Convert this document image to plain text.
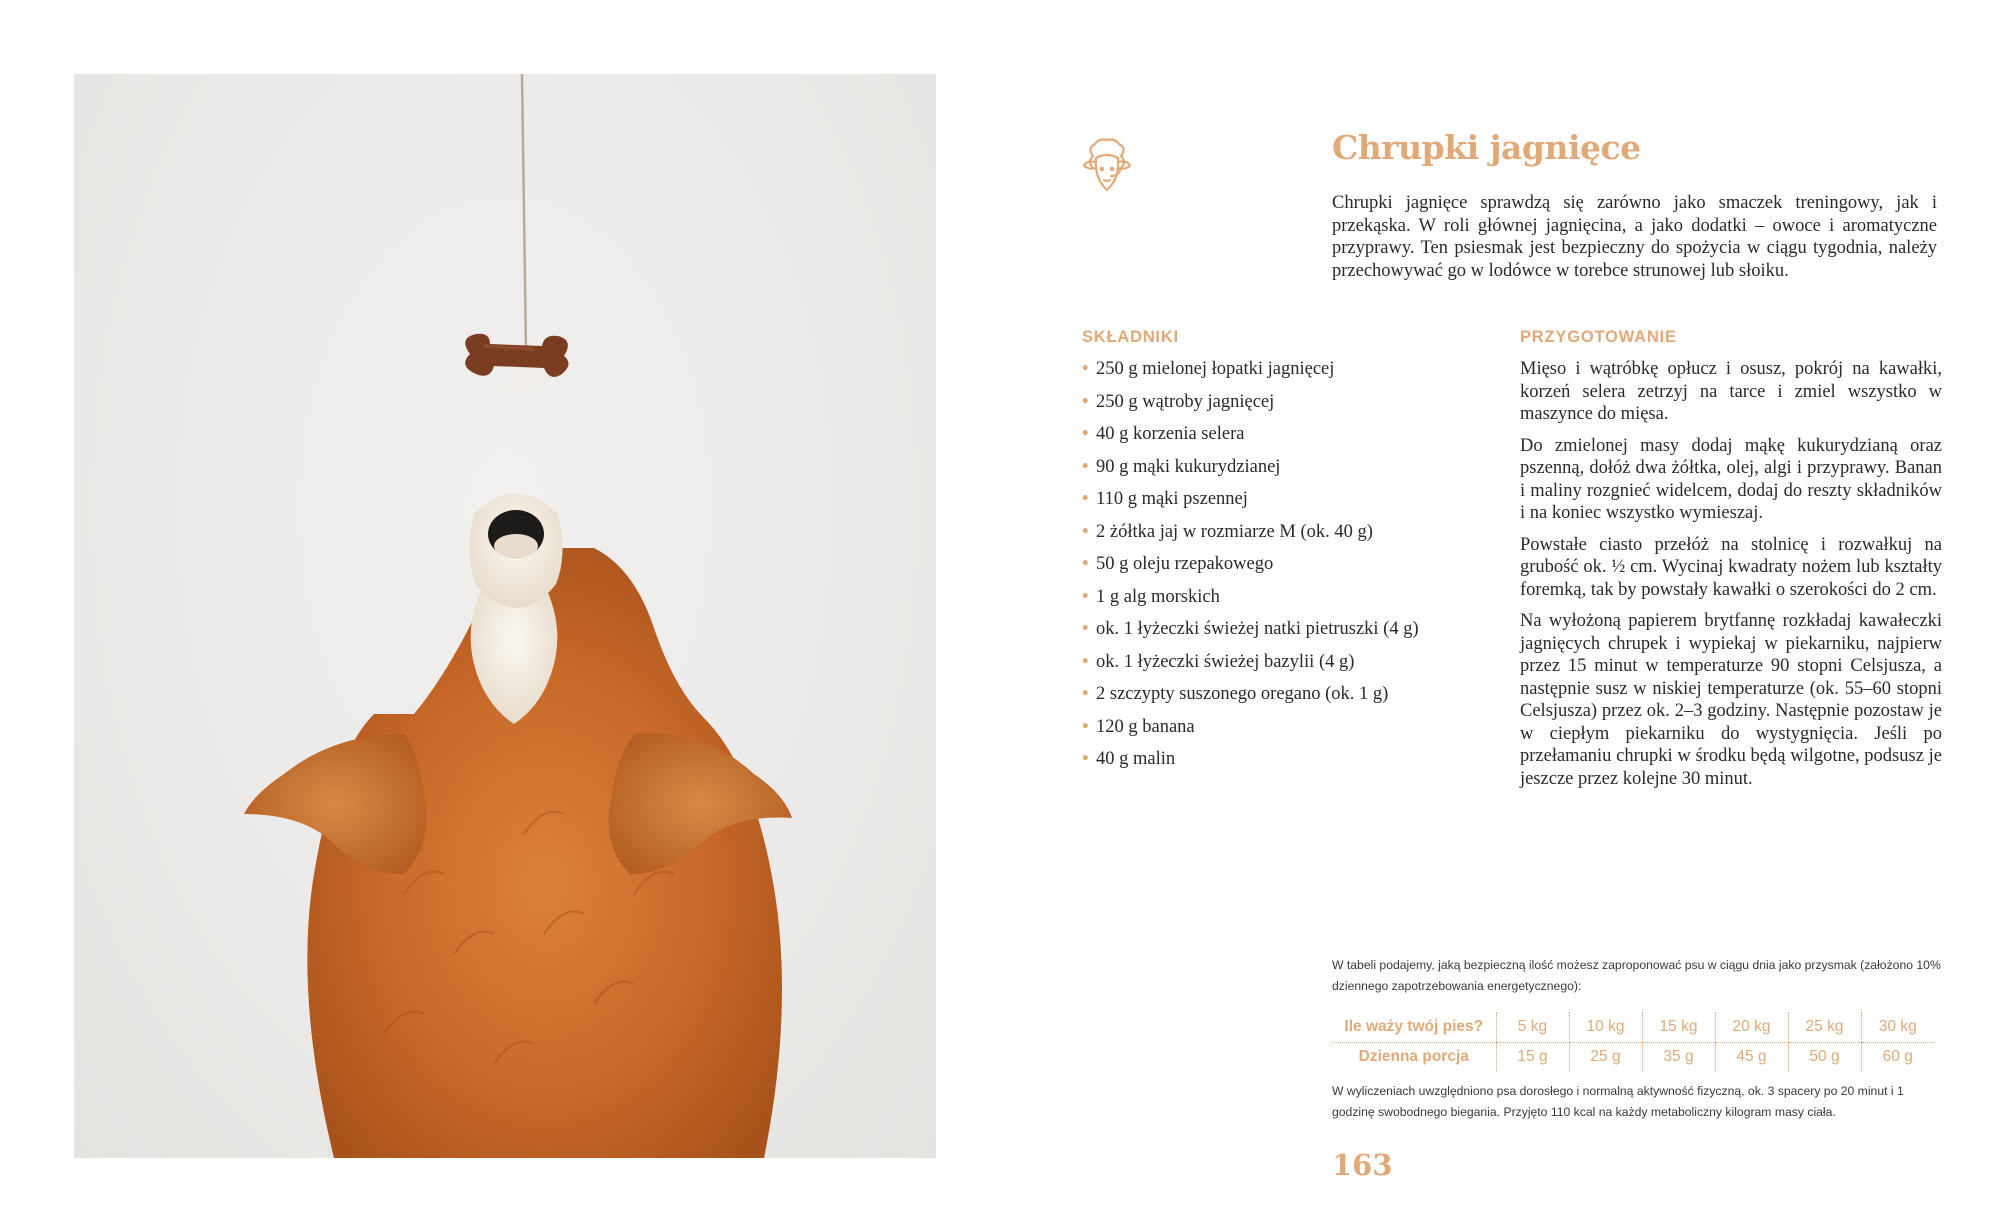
Chrupki jagnięce
Chrupki jagnięce sprawdzą się zarówno jako smaczek treningowy, jak i przekąska. W roli głównej jagnięcina, a jako dodatki – owoce i aromatyczne przyprawy. Ten psiesmak jest bezpieczny do spożycia w ciągu tygodnia, należy przechowywać go w lodówce w torebce strunowej lub słoiku.
SKŁADNIKI
• 250 g mielonej łopatki jagnięcej
• 250 g wątroby jagnięcej
• 40 g korzenia selera
• 90 g mąki kukurydzianej
• 110 g mąki pszennej
• 2 żółtka jaj w rozmiarze M (ok. 40 g)
• 50 g oleju rzepakowego
• 1 g alg morskich
• ok. 1 łyżeczki świeżej natki pietruszki (4 g)
• ok. 1 łyżeczki świeżej bazylii (4 g)
• 2 szczypty suszonego oregano (ok. 1 g)
• 120 g banana
• 40 g malin
PRZYGOTOWANIE

Mięso i wątróbkę opłucz i osusz, pokrój na kawałki, korzeń selera zetrzyj na tarce i zmiel wszystko w maszynce do mięsa.

Do zmielonej masy dodaj mąkę kukurydzianą oraz pszenną, dołóż dwa żółtka, olej, algi i przyprawy. Banan i maliny rozgnieć widelcem, dodaj do reszty składników i na koniec wszystko wymieszaj.

Powstałe ciasto przełóż na stolnicę i rozwałkuj na grubość ok. ½ cm. Wycinaj kwadraty nożem lub kształty foremką, tak by powstały kawałki o szerokości do 2 cm.

Na wyłożoną papierem brytfannę rozkładaj kawałeczki jagnięcych chrupek i wypiekaj w piekarniku, najpierw przez 15 minut w temperaturze 90 stopni Celsjusza, a następnie susz w niskiej temperaturze (ok. 55–60 stopni Celsjusza) przez ok. 2–3 godziny. Następnie pozostaw je w ciepłym piekarniku do wystygnięcia. Jeśli po przełamaniu chrupki w środku będą wilgotne, podsusz je jeszcze przez kolejne 30 minut.

W tabeli podajemy, jaką bezpieczną ilość możesz zaproponować psu w ciągu dnia jako przysmak (założono 10% dziennego zapotrzebowania energetycznego):
Ile waży twój pies?	5 kg	10 kg	15 kg	20 kg	25 kg	30 kg
Dzienna porcja	15 g	25 g	35 g	45 g	50 g	60 g
W wyliczeniach uwzględniono psa dorosłego i normalną aktywność fizyczną, ok. 3 spacery po 20 minut i 1 godzinę swobodnego biegania. Przyjęto 110 kcal na każdy metaboliczny kilogram masy ciała.
163
